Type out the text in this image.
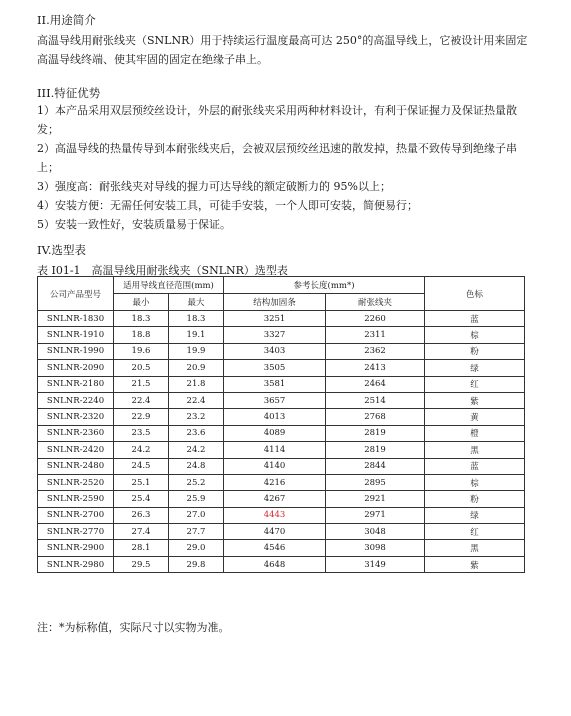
II.用途简介

高温导线用耐张线夹（SNLNR）用于持续运行温度最高可达 250°的高温导线上，它被设计用来固定高温导线终端、使其牢固的固定在绝缘子串上。

III.特征优势

1）本产品采用双层预绞丝设计，外层的耐张线夹采用两种材料设计，有利于保证握力及保证热量散发；

2）高温导线的热量传导到本耐张线夹后，会被双层预绞丝迅速的散发掉，热量不致传导到绝缘子串上；

3）强度高：耐张线夹对导线的握力可达导线的额定破断力的 95%以上；

4）安装方便：无需任何安装工具，可徒手安装，一个人即可安装，简便易行；

5）安装一致性好，安装质量易于保证。

IV.选型表
表 I01-1　高温导线用耐张线夹（SNLNR）选型表
公司产品型号	适用导线直径范围(mm)		参考长度(mm*)		色标
	最小	最大	结构加固条	耐张线夹	
SNLNR-1830	18.3	18.3	3251	2260	蓝
SNLNR-1910	18.8	19.1	3327	2311	棕
SNLNR-1990	19.6	19.9	3403	2362	粉
SNLNR-2090	20.5	20.9	3505	2413	绿
SNLNR-2180	21.5	21.8	3581	2464	红
SNLNR-2240	22.4	22.4	3657	2514	紫
SNLNR-2320	22.9	23.2	4013	2768	黄
SNLNR-2360	23.5	23.6	4089	2819	橙
SNLNR-2420	24.2	24.2	4114	2819	黑
SNLNR-2480	24.5	24.8	4140	2844	蓝
SNLNR-2520	25.1	25.2	4216	2895	棕
SNLNR-2590	25.4	25.9	4267	2921	粉
SNLNR-2700	26.3	27.0	4443	2971	绿
SNLNR-2770	27.4	27.7	4470	3048	红
SNLNR-2900	28.1	29.0	4546	3098	黑
SNLNR-2980	29.5	29.8	4648	3149	紫
注：*为标称值，实际尺寸以实物为准。
